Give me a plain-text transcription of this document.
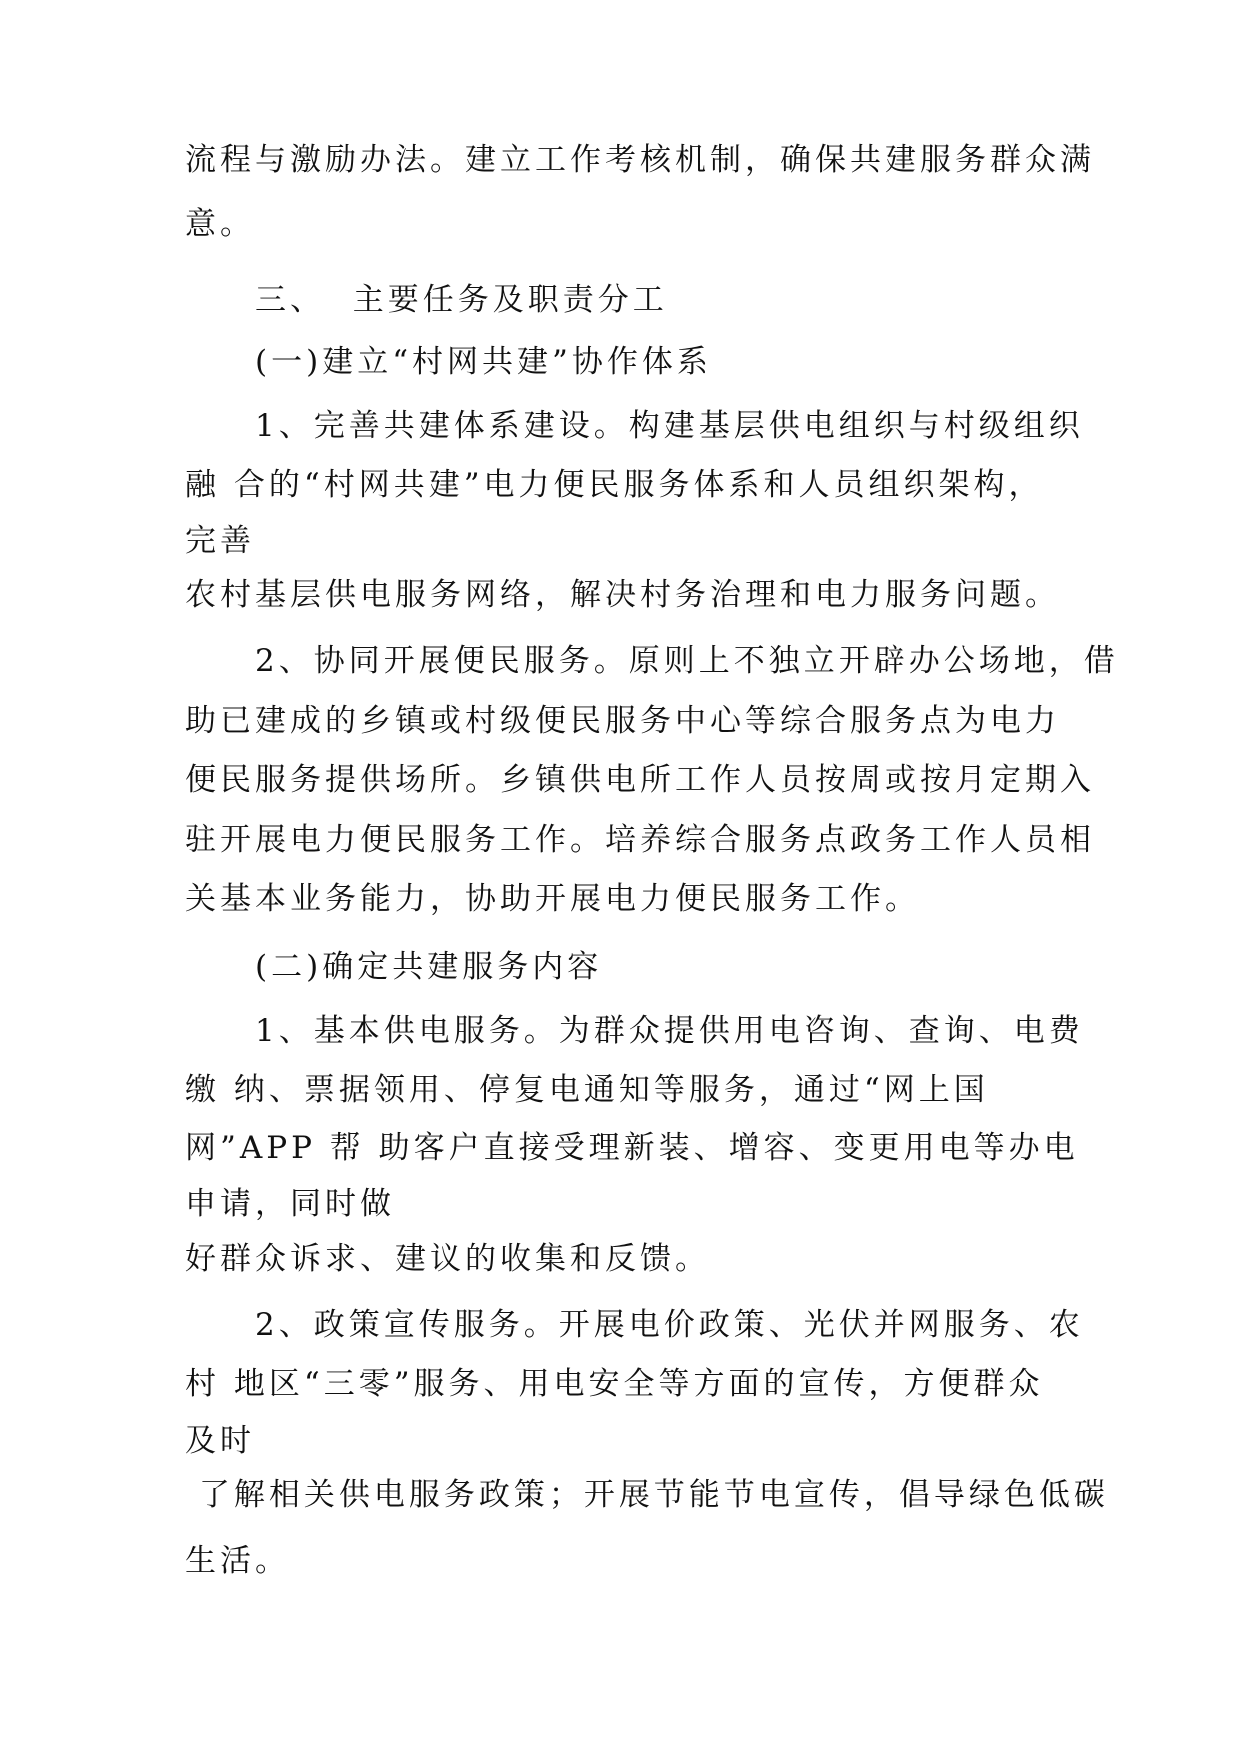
流程与激励办法。建立工作考核机制，确保共建服务群众满
意。
三、  主要任务及职责分工
(一)建立“村网共建”协作体系
1、完善共建体系建设。构建基层供电组织与村级组织
融 合的“村网共建”电力便民服务体系和人员组织架构，
完善
农村基层供电服务网络，解决村务治理和电力服务问题。
2、协同开展便民服务。原则上不独立开辟办公场地，借
助已建成的乡镇或村级便民服务中心等综合服务点为电力
便民服务提供场所。乡镇供电所工作人员按周或按月定期入
驻开展电力便民服务工作。培养综合服务点政务工作人员相
关基本业务能力，协助开展电力便民服务工作。
(二)确定共建服务内容
1、基本供电服务。为群众提供用电咨询、查询、电费
缴 纳、票据领用、停复电通知等服务，通过“网上国
网”APP 帮 助客户直接受理新装、增容、变更用电等办电
申请，同时做
好群众诉求、建议的收集和反馈。
2、政策宣传服务。开展电价政策、光伏并网服务、农
村 地区“三零”服务、用电安全等方面的宣传，方便群众
及时
了解相关供电服务政策；开展节能节电宣传，倡导绿色低碳
生活。
